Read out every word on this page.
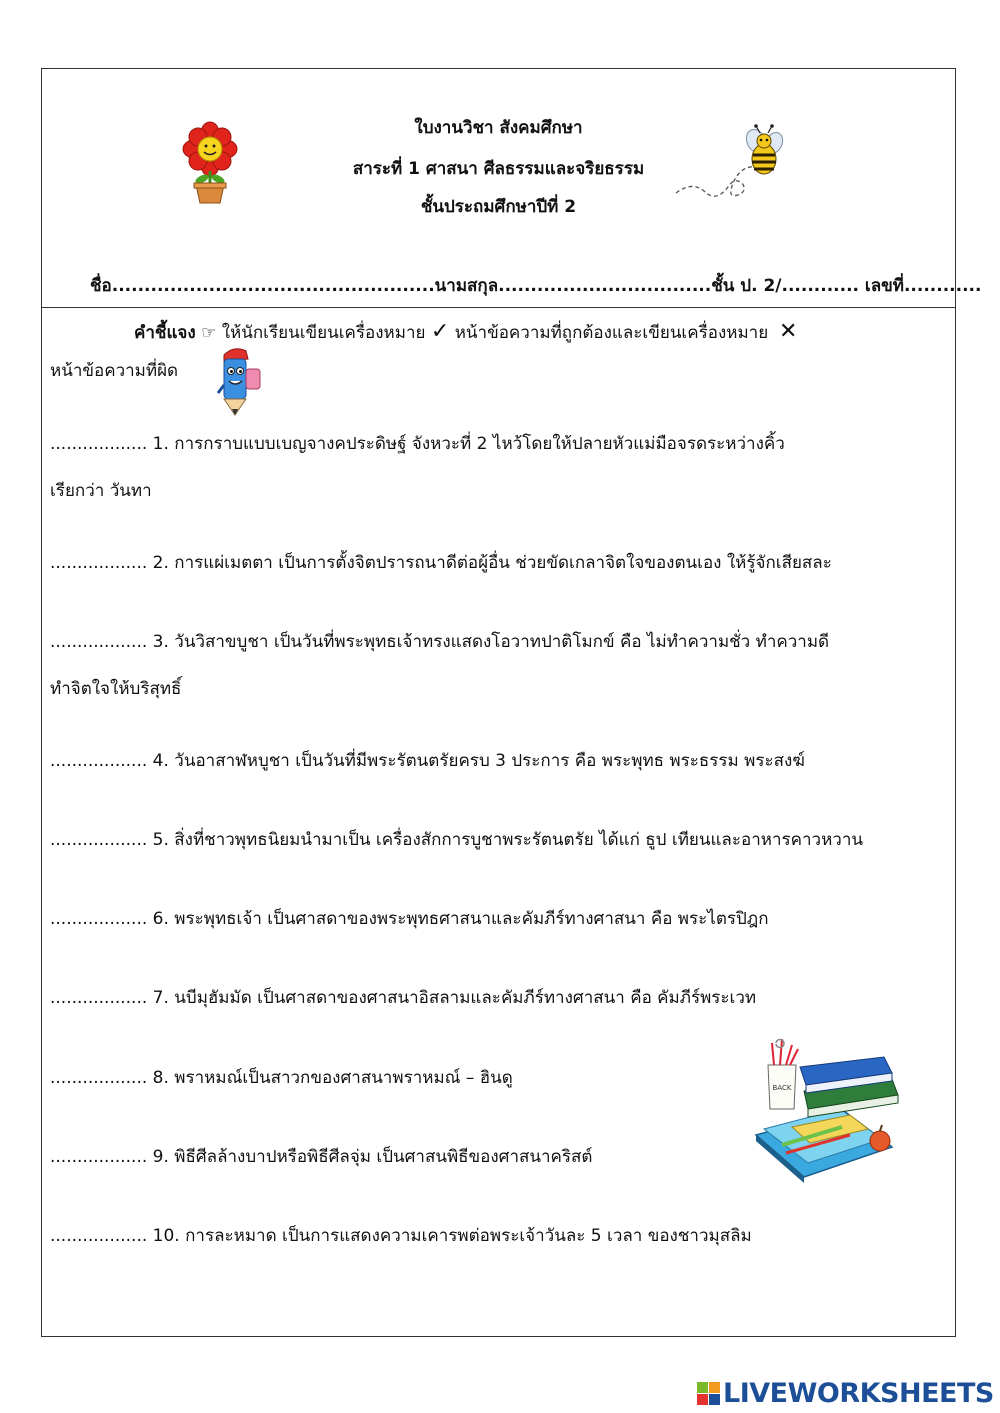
ใบงานวิชา สังคมศึกษา
สาระที่ 1 ศาสนา ศีลธรรมและจริยธรรม
ชั้นประถมศึกษาปีที่ 2
ชื่อ..................................................นามสกุล.................................ชั้น ป. 2/............ เลขที่............
คำชี้แจง ☞ ให้นักเรียนเขียนเครื่องหมาย ✓ หน้าข้อความที่ถูกต้องและเขียนเครื่องหมาย  ✕
หน้าข้อความที่ผิด
.................. 1. การกราบแบบเบญจางคประดิษฐ์ จังหวะที่ 2 ไหว้โดยให้ปลายหัวแม่มือจรดระหว่างคิ้ว
เรียกว่า วันทา
.................. 2. การแผ่เมตตา เป็นการตั้งจิตปรารถนาดีต่อผู้อื่น ช่วยขัดเกลาจิตใจของตนเอง ให้รู้จักเสียสละ
.................. 3. วันวิสาขบูชา เป็นวันที่พระพุทธเจ้าทรงแสดงโอวาทปาติโมกข์ คือ ไม่ทำความชั่ว ทำความดี
ทำจิตใจให้บริสุทธิ์
.................. 4. วันอาสาฬหบูชา เป็นวันที่มีพระรัตนตรัยครบ 3 ประการ คือ พระพุทธ พระธรรม พระสงฆ์
.................. 5. สิ่งที่ชาวพุทธนิยมนำมาเป็น เครื่องสักการบูชาพระรัตนตรัย ได้แก่ ธูป เทียนและอาหารคาวหวาน
.................. 6. พระพุทธเจ้า เป็นศาสดาของพระพุทธศาสนาและคัมภีร์ทางศาสนา คือ พระไตรปิฎก
.................. 7. นบีมุฮัมมัด เป็นศาสดาของศาสนาอิสลามและคัมภีร์ทางศาสนา คือ คัมภีร์พระเวท
.................. 8. พราหมณ์เป็นสาวกของศาสนาพราหมณ์ – ฮินดู
.................. 9. พิธีศีลล้างบาปหรือพิธีศีลจุ่ม เป็นศาสนพิธีของศาสนาคริสต์
.................. 10. การละหมาด เป็นการแสดงความเคารพต่อพระเจ้าวันละ 5 เวลา ของชาวมุสลิม
BACK
LIVEWORKSHEETS
